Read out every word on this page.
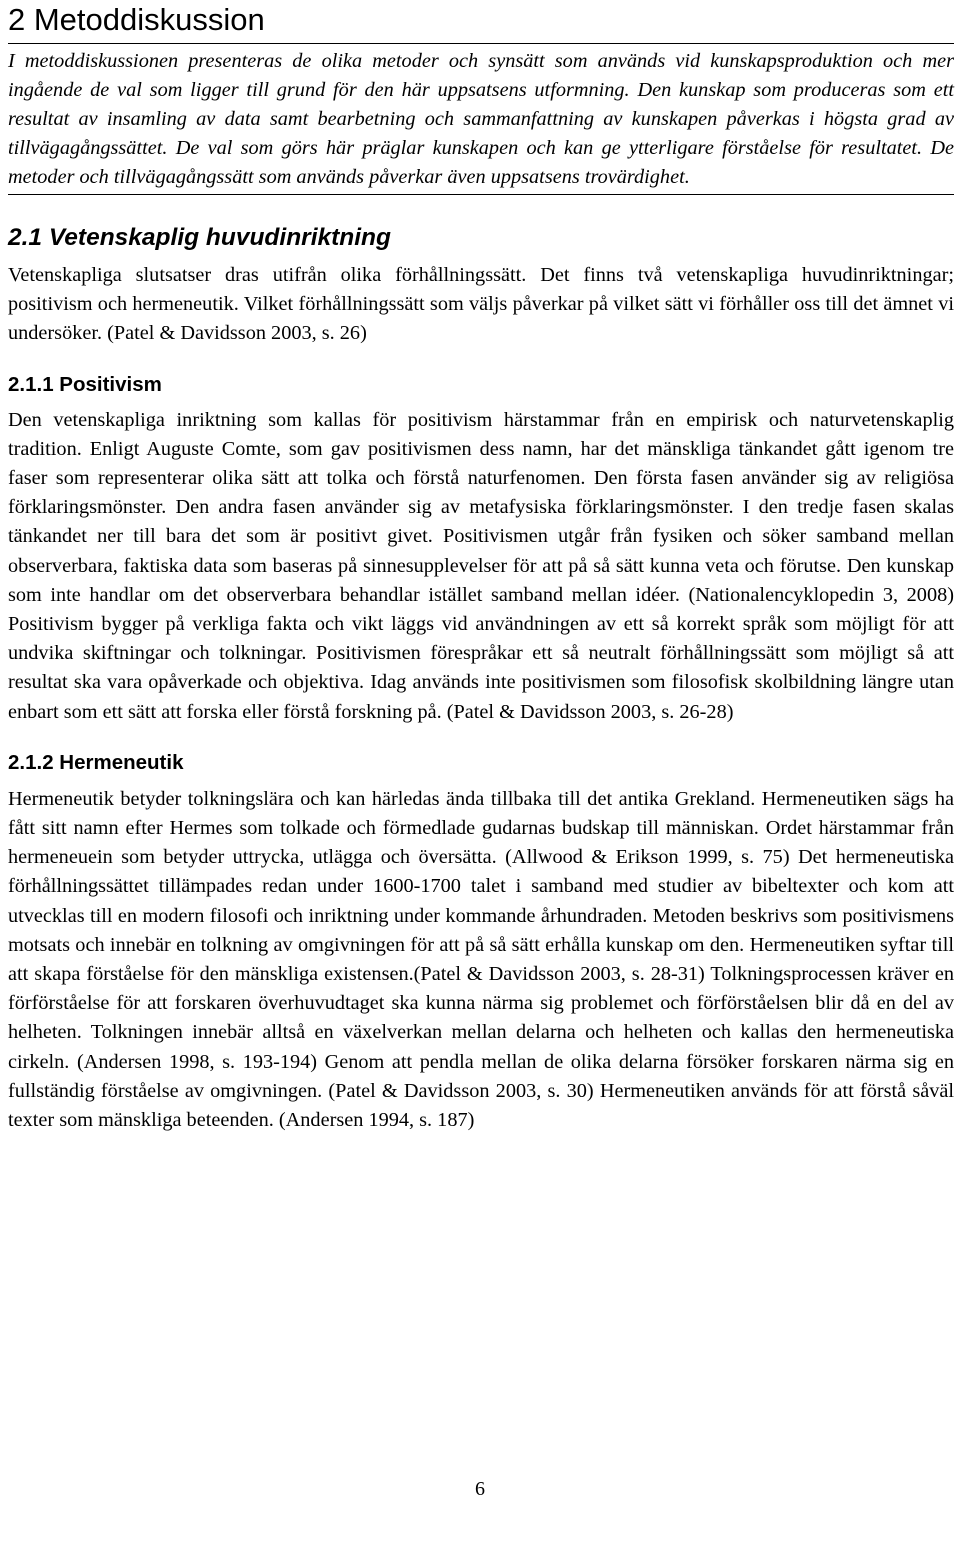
2 Metoddiskussion

I metoddiskussionen presenteras de olika metoder och synsätt som används vid kunskapsproduktion och mer ingående de val som ligger till grund för den här uppsatsens utformning. Den kunskap som produceras som ett resultat av insamling av data samt bearbetning och sammanfattning av kunskapen påverkas i högsta grad av tillvägagångssättet. De val som görs här präglar kunskapen och kan ge ytterligare förståelse för resultatet. De metoder och tillvägagångssätt som används påverkar även uppsatsens trovärdighet.

2.1 Vetenskaplig huvudinriktning

Vetenskapliga slutsatser dras utifrån olika förhållningssätt. Det finns två vetenskapliga huvudinriktningar; positivism och hermeneutik. Vilket förhållningssätt som väljs påverkar på vilket sätt vi förhåller oss till det ämnet vi undersöker. (Patel & Davidsson 2003, s. 26)

2.1.1 Positivism

Den vetenskapliga inriktning som kallas för positivism härstammar från en empirisk och naturvetenskaplig tradition. Enligt Auguste Comte, som gav positivismen dess namn, har det mänskliga tänkandet gått igenom tre faser som representerar olika sätt att tolka och förstå naturfenomen. Den första fasen använder sig av religiösa förklaringsmönster. Den andra fasen använder sig av metafysiska förklaringsmönster. I den tredje fasen skalas tänkandet ner till bara det som är positivt givet. Positivismen utgår från fysiken och söker samband mellan observerbara, faktiska data som baseras på sinnesupplevelser för att på så sätt kunna veta och förutse. Den kunskap som inte handlar om det observerbara behandlar istället samband mellan idéer. (Nationalencyklopedin 3, 2008) Positivism bygger på verkliga fakta och vikt läggs vid användningen av ett så korrekt språk som möjligt för att undvika skiftningar och tolkningar. Positivismen förespråkar ett så neutralt förhållningssätt som möjligt så att resultat ska vara opåverkade och objektiva. Idag används inte positivismen som filosofisk skolbildning längre utan enbart som ett sätt att forska eller förstå forskning på. (Patel & Davidsson 2003, s. 26-28)

2.1.2 Hermeneutik

Hermeneutik betyder tolkningslära och kan härledas ända tillbaka till det antika Grekland. Hermeneutiken sägs ha fått sitt namn efter Hermes som tolkade och förmedlade gudarnas budskap till människan. Ordet härstammar från hermeneuein som betyder uttrycka, utlägga och översätta. (Allwood & Erikson 1999, s. 75) Det hermeneutiska förhållningssättet tillämpades redan under 1600-1700 talet i samband med studier av bibeltexter och kom att utvecklas till en modern filosofi och inriktning under kommande århundraden. Metoden beskrivs som positivismens motsats och innebär en tolkning av omgivningen för att på så sätt erhålla kunskap om den. Hermeneutiken syftar till att skapa förståelse för den mänskliga existensen.(Patel & Davidsson 2003, s. 28-31) Tolkningsprocessen kräver en förförståelse för att forskaren överhuvudtaget ska kunna närma sig problemet och förförståelsen blir då en del av helheten. Tolkningen innebär alltså en växelverkan mellan delarna och helheten och kallas den hermeneutiska cirkeln. (Andersen 1998, s. 193-194) Genom att pendla mellan de olika delarna försöker forskaren närma sig en fullständig förståelse av omgivningen. (Patel & Davidsson 2003, s. 30) Hermeneutiken används för att förstå såväl texter som mänskliga beteenden. (Andersen 1994, s. 187)

6
